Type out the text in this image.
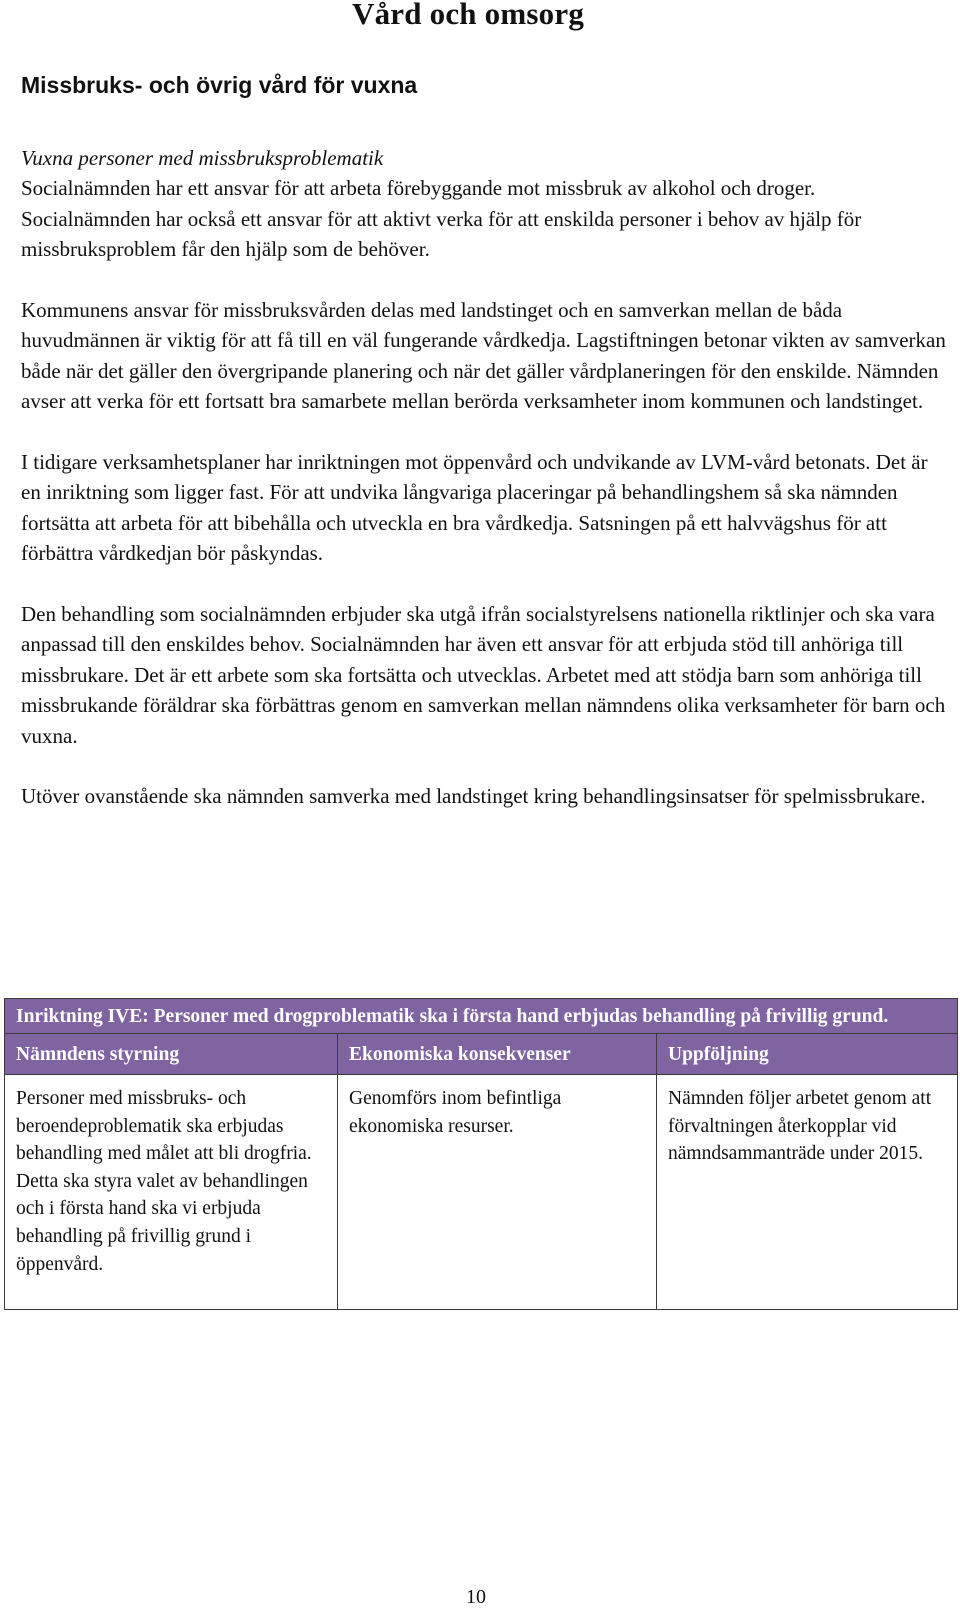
Vård och omsorg
Missbruks- och övrig vård för vuxna

Vuxna personer med missbruksproblematik
Socialnämnden har ett ansvar för att arbeta förebyggande mot missbruk av alkohol och droger. Socialnämnden har också ett ansvar för att aktivt verka för att enskilda personer i behov av hjälp för missbruksproblem får den hjälp som de behöver.

Kommunens ansvar för missbruksvården delas med landstinget och en samverkan mellan de båda huvudmännen är viktig för att få till en väl fungerande vårdkedja. Lagstiftningen betonar vikten av samverkan både när det gäller den övergripande planering och när det gäller vårdplaneringen för den enskilde. Nämnden avser att verka för ett fortsatt bra samarbete mellan berörda verksamheter inom kommunen och landstinget.

I tidigare verksamhetsplaner har inriktningen mot öppenvård och undvikande av LVM-vård betonats. Det är en inriktning som ligger fast. För att undvika långvariga placeringar på behandlingshem så ska nämnden fortsätta att arbeta för att bibehålla och utveckla en bra vårdkedja. Satsningen på ett halvvägshus för att förbättra vårdkedjan bör påskyndas.

Den behandling som socialnämnden erbjuder ska utgå ifrån socialstyrelsens nationella riktlinjer och ska vara anpassad till den enskildes behov. Socialnämnden har även ett ansvar för att erbjuda stöd till anhöriga till missbrukare. Det är ett arbete som ska fortsätta och utvecklas. Arbetet med att stödja barn som anhöriga till missbrukande föräldrar ska förbättras genom en samverkan mellan nämndens olika verksamheter för barn och vuxna.

Utöver ovanstående ska nämnden samverka med landstinget kring behandlingsinsatser för spelmissbrukare.

Inriktning IVE: Personer med drogproblematik ska i första hand erbjudas behandling på frivillig grund.		
Nämndens styrning	Ekonomiska konsekvenser	Uppföljning
Personer med missbruks- och beroendeproblematik ska erbjudas behandling med målet att bli drogfria. Detta ska styra valet av behandlingen och i första hand ska vi erbjuda behandling på frivillig grund i öppenvård.	Genomförs inom befintliga ekonomiska resurser.	Nämnden följer arbetet genom att förvaltningen återkopplar vid nämndsammanträde under 2015.
10
